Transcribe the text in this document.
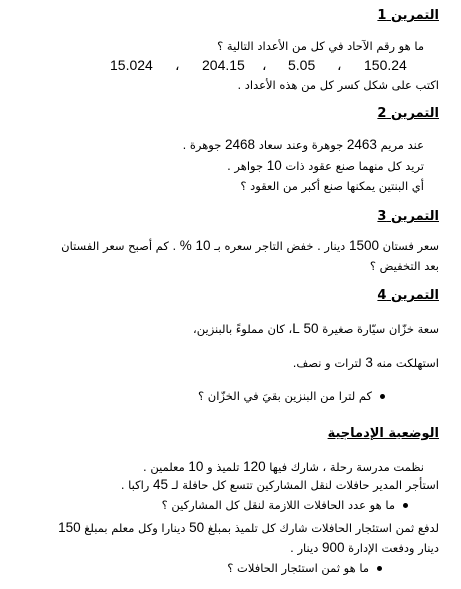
التمرين 1
ما هو رقم الآحاد في كل من الأعداد التالية ؟
15.024 ، 204.15 ، 5.05 ، 150.24
اكتب على شكل كسر كل من هذه الأعداد .
التمرين 2
عند مريم 2463 جوهرة وعند سعاد 2468 جوهرة .
تريد كل منهما صنع عقود ذات 10 جواهر .
أي البنتين يمكنها صنع أكبر من العقود ؟
التمرين 3
سعر فستان 1500 دينار . خفض التاجر سعره بـ 10 % . كم أصبح سعر الفستان
بعد التخفيض ؟
التمرين 4
سعة خزّان سيّارة صغيرة 50 L، كان مملوءً بالبنزين،
استهلكت منه 3 لترات و نصف.
كم لترا من البنزين بقيَ في الخزّان ؟
الوضعية الإدماجية
نظمت مدرسة رحلة ، شارك فيها 120 تلميذ و 10 معلمين .
استأجر المدير حافلات لنقل المشاركين تتسع كل حافلة لـ 45 راكبا .
ما هو عدد الحافلات اللازمة لنقل كل المشاركين ؟
لدفع ثمن استئجار الحافلات شارك كل تلميذ بمبلغ 50 دينارا وكل معلم بمبلغ 150
دينار ودفعت الإدارة 900 دينار .
ما هو ثمن استئجار الحافلات ؟
